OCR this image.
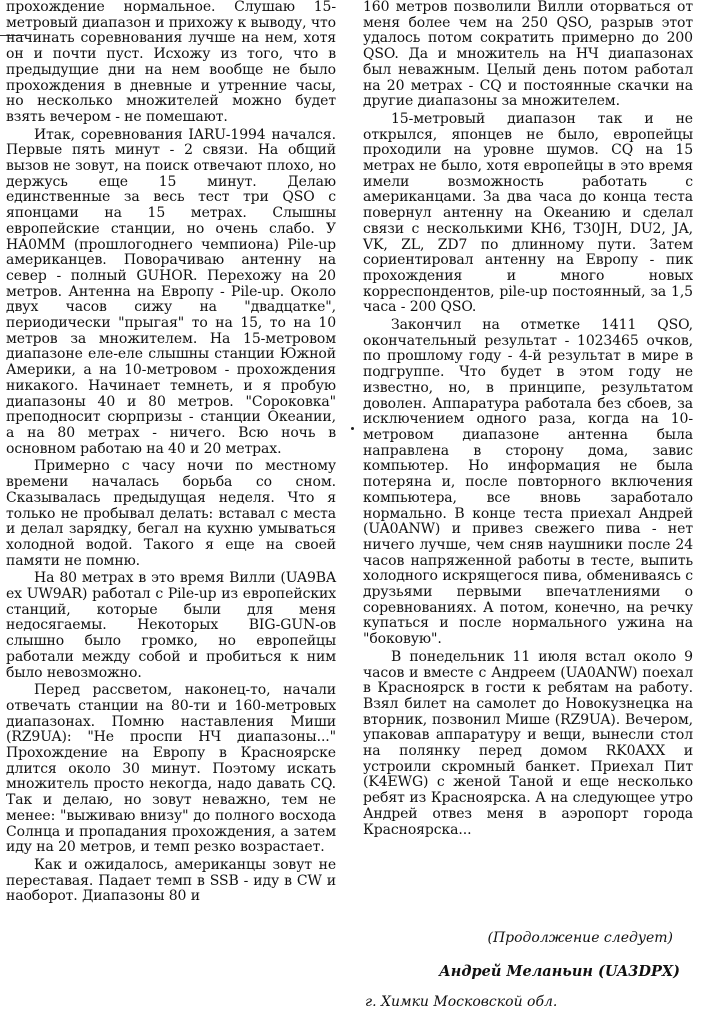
прохождение нормальное. Слушаю 15-метровый диапазон и прихожу к выводу, что начинать соревнования лучше на нем, хотя он и почти пуст. Исхожу из того, что в предыдущие дни на нем вообще не было прохождения в дневные и утренние часы, но несколько множителей можно будет взять вечером - не помешают.

Итак, соревнования IARU-1994 начался. Первые пять минут - 2 связи. На общий вызов не зовут, на поиск отвечают плохо, но держусь еще 15 минут. Делаю единственные за весь тест три QSO с японцами на 15 метрах. Слышны европейские станции, но очень слабо. У HA0MM (прошлогоднего чемпиона) Pile-up американцев. Поворачиваю антенну на север - полный GUHOR. Перехожу на 20 метров. Антенна на Европу - Pile-up. Около двух часов сижу на "двадцатке", периодически "прыгая" то на 15, то на 10 метров за множителем. На 15-метровом диапазоне еле-еле слышны станции Южной Америки, а на 10-метровом - прохождения никакого. Начинает темнеть, и я пробую диапазоны 40 и 80 метров. "Сороковка" преподносит сюрпризы - станции Океании, а на 80 метрах - ничего. Всю ночь в основном работаю на 40 и 20 метрах.

Примерно с часу ночи по местному времени началась борьба со сном. Сказывалась предыдущая неделя. Что я только не пробывал делать: вставал с места и делал зарядку, бегал на кухню умываться холодной водой. Такого я еще на своей памяти не помню.

На 80 метрах в это время Вилли (UA9BA ex UW9AR) работал с Pile-up из европейских станций, которые были для меня недосягаемы. Некоторых BIG-GUN-ов слышно было громко, но европейцы работали между собой и пробиться к ним было невозможно.

Перед рассветом, наконец-то, начали отвечать станции на 80-ти и 160-метровых диапазонах. Помню наставления Миши (RZ9UA): "Не проспи НЧ диапазоны..." Прохождение на Европу в Красноярске длится около 30 минут. Поэтому искать множитель просто некогда, надо давать CQ. Так и делаю, но зовут неважно, тем не менее: "выживаю внизу" до полного восхода Солнца и пропадания прохождения, а затем иду на 20 метров, и темп резко возрастает.

Как и ожидалось, американцы зовут не переставая. Падает темп в SSB - иду в CW и наоборот. Диапазоны 80 и

160 метров позволили Вилли оторваться от меня более чем на 250 QSO, разрыв этот удалось потом сократить примерно до 200 QSO. Да и множитель на НЧ диапазонах был неважным. Целый день потом работал на 20 метрах - CQ и постоянные скачки на другие диапазоны за множителем.

15-метровый диапазон так и не открылся, японцев не было, европейцы проходили на уровне шумов. CQ на 15 метрах не было, хотя европейцы в это время имели возможность работать с американцами. За два часа до конца теста повернул антенну на Океанию и сделал связи с несколькими KH6, T30JH, DU2, JA, VK, ZL, ZD7 по длинному пути. Затем сориентировал антенну на Европу - пик прохождения и много новых корреспондентов, pile-up постоянный, за 1,5 часа - 200 QSO.

Закончил на отметке 1411 QSO, окончательный результат - 1023465 очков, по прошлому году - 4-й результат в мире в подгруппе. Что будет в этом году не известно, но, в принципе, результатом доволен. Аппаратура работала без сбоев, за исключением одного раза, когда на 10-метровом диапазоне антенна была направлена в сторону дома, завис компьютер. Но информация не была потеряна и, после повторного включения компьютера, все вновь заработало нормально. В конце теста приехал Андрей (UA0ANW) и привез свежего пива - нет ничего лучше, чем сняв наушники после 24 часов напряженной работы в тесте, выпить холодного искрящегося пива, обмениваясь с друзьями первыми впечатлениями о соревнованиях. А потом, конечно, на речку купаться и после нормального ужина на "боковую".

В понедельник 11 июля встал около 9 часов и вместе с Андреем (UA0ANW) поехал в Красноярск в гости к ребятам на работу. Взял билет на самолет до Новокузнецка на вторник, позвонил Мише (RZ9UA). Вечером, упаковав аппаратуру и вещи, вынесли стол на полянку перед домом RK0AXX и устроили скромный банкет. Приехал Пит (K4EWG) с женой Таной и еще несколько ребят из Красноярска. А на следующее утро Андрей отвез меня в аэропорт города Красноярска...

(Продолжение следует)
Андрей Меланьин (UA3DPX)
г. Химки Московской обл.
